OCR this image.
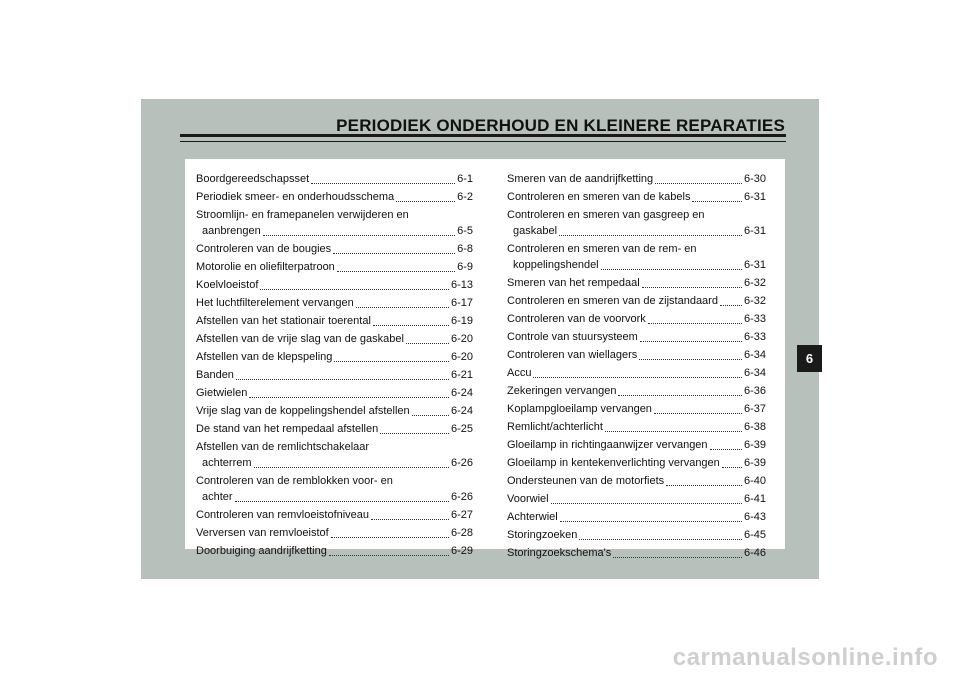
PERIODIEK ONDERHOUD EN KLEINERE REPARATIES
Boordgereedschapsset	6-1
Periodiek smeer- en onderhoudsschema	6-2
Stroomlijn- en framepanelen verwijderen en
aanbrengen	6-5
Controleren van de bougies	6-8
Motorolie en oliefilterpatroon	6-9
Koelvloeistof	6-13
Het luchtfilterelement vervangen	6-17
Afstellen van het stationair toerental	6-19
Afstellen van de vrije slag van de gaskabel	6-20
Afstellen van de klepspeling	6-20
Banden	6-21
Gietwielen	6-24
Vrije slag van de koppelingshendel afstellen	6-24
De stand van het rempedaal afstellen	6-25
Afstellen van de remlichtschakelaar
achterrem	6-26
Controleren van de remblokken voor- en
achter	6-26
Controleren van remvloeistofniveau	6-27
Verversen van remvloeistof	6-28
Doorbuiging aandrijfketting	6-29
Smeren van de aandrijfketting	6-30
Controleren en smeren van de kabels	6-31
Controleren en smeren van gasgreep en
gaskabel	6-31
Controleren en smeren van de rem- en
koppelingshendel	6-31
Smeren van het rempedaal	6-32
Controleren en smeren van de zijstandaard 6-32
Controleren van de voorvork	6-33
Controle van stuursysteem	6-33
Controleren van wiellagers	6-34
Accu	6-34
Zekeringen vervangen	6-36
Koplampgloeilamp vervangen	6-37
Remlicht/achterlicht	6-38
Gloeilamp in richtingaanwijzer vervangen	6-39
Gloeilamp in kentekenverlichting vervangen 6-39
Ondersteunen van de motorfiets	6-40
Voorwiel	6-41
Achterwiel	6-43
Storingzoeken	6-45
Storingzoekschema's	6-46
6
carmanualsonline.info
